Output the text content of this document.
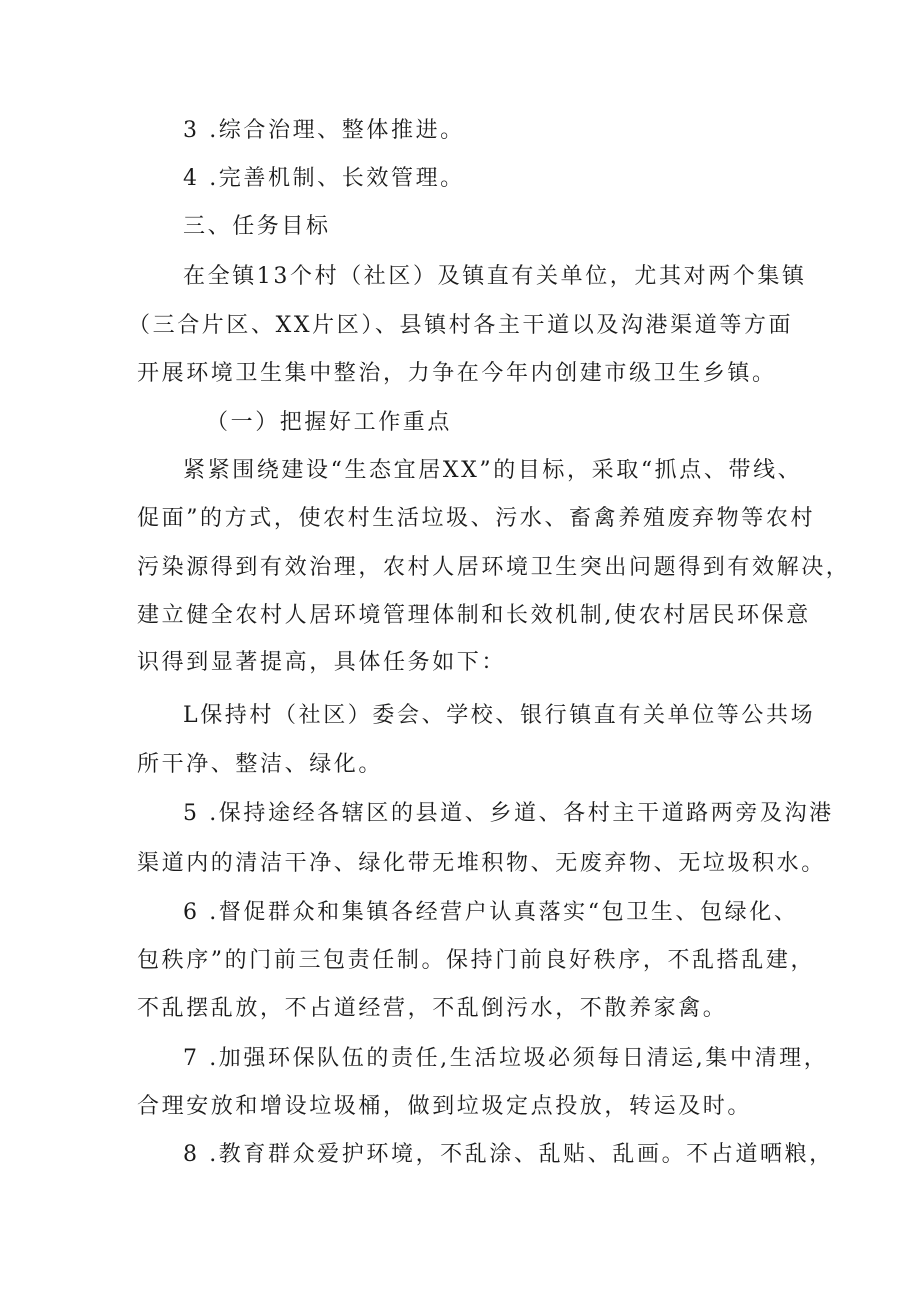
3 .综合治理、整体推进。
4 .完善机制、长效管理。
三、任务目标
在全镇13个村（社区）及镇直有关单位，尤其对两个集镇
（三合片区、XX片区）、县镇村各主干道以及沟港渠道等方面
开展环境卫生集中整治，力争在今年内创建市级卫生乡镇。
（一）把握好工作重点
紧紧围绕建设“生态宜居XX”的目标，采取“抓点、带线、
促面”的方式，使农村生活垃圾、污水、畜禽养殖废弃物等农村
污染源得到有效治理，农村人居环境卫生突出问题得到有效解决，
建立健全农村人居环境管理体制和长效机制,使农村居民环保意
识得到显著提高，具体任务如下：
L保持村（社区）委会、学校、银行镇直有关单位等公共场
所干净、整洁、绿化。
5 .保持途经各辖区的县道、乡道、各村主干道路两旁及沟港
渠道内的清洁干净、绿化带无堆积物、无废弃物、无垃圾积水。
6 .督促群众和集镇各经营户认真落实“包卫生、包绿化、
包秩序”的门前三包责任制。保持门前良好秩序，不乱搭乱建，
不乱摆乱放，不占道经营，不乱倒污水，不散养家禽。
7 .加强环保队伍的责任,生活垃圾必须每日清运,集中清理，
合理安放和增设垃圾桶，做到垃圾定点投放，转运及时。
8 .教育群众爱护环境，不乱涂、乱贴、乱画。不占道晒粮，
